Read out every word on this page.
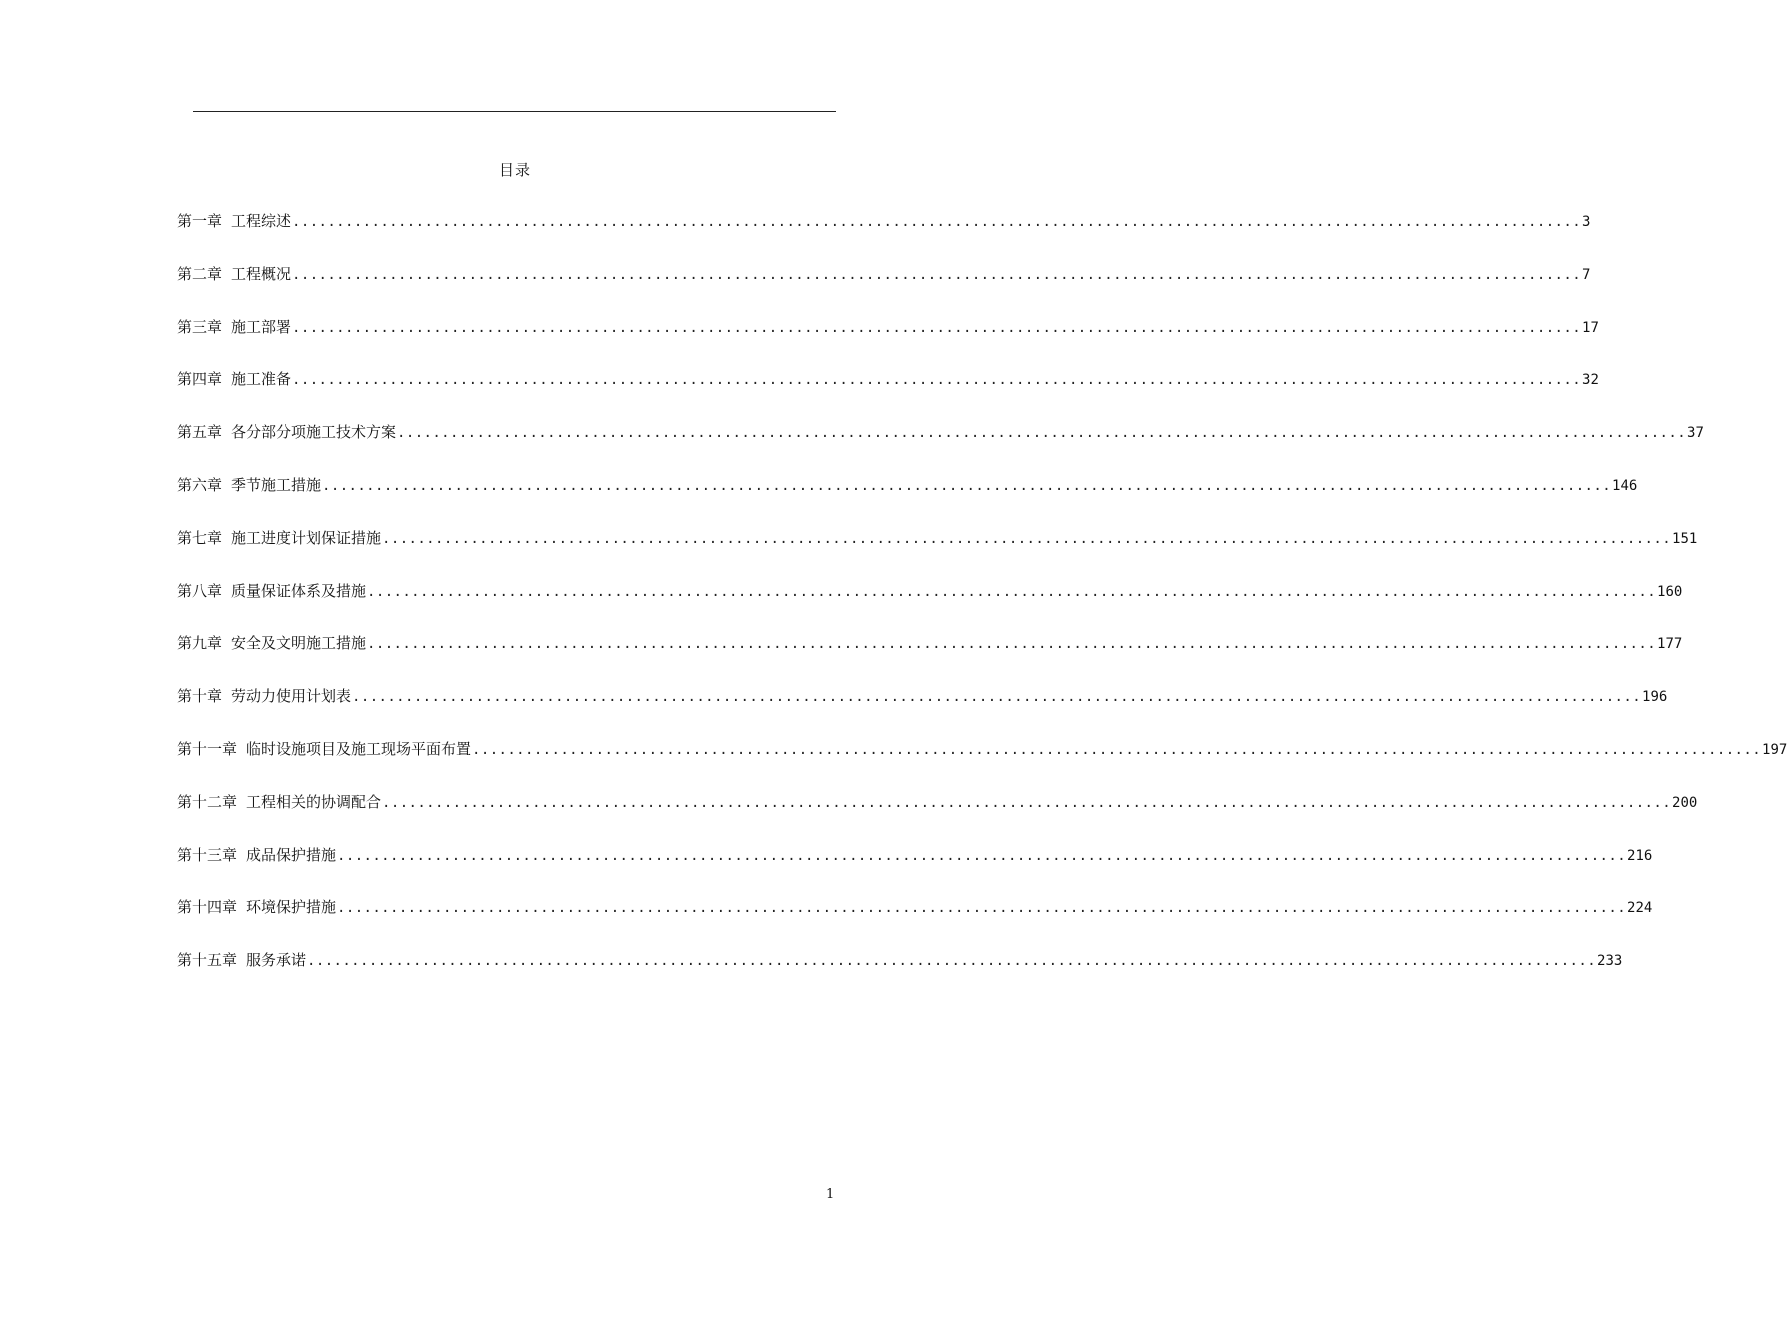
目录
第一章 工程综述 .................................................................................................................................................. 3
第二章 工程概况 .................................................................................................................................................. 7
第三章 施工部署 .................................................................................................................................................. 17
第四章 施工准备 .................................................................................................................................................. 32
第五章 各分部分项施工技术方案 .................................................................................................................................................. 37
第六章 季节施工措施 .................................................................................................................................................. 146
第七章 施工进度计划保证措施 .................................................................................................................................................. 151
第八章 质量保证体系及措施 .................................................................................................................................................. 160
第九章 安全及文明施工措施 .................................................................................................................................................. 177
第十章 劳动力使用计划表 .................................................................................................................................................. 196
第十一章 临时设施项目及施工现场平面布置 .................................................................................................................................................. 197
第十二章 工程相关的协调配合 .................................................................................................................................................. 200
第十三章 成品保护措施 .................................................................................................................................................. 216
第十四章 环境保护措施 .................................................................................................................................................. 224
第十五章 服务承诺 .................................................................................................................................................. 233
1
